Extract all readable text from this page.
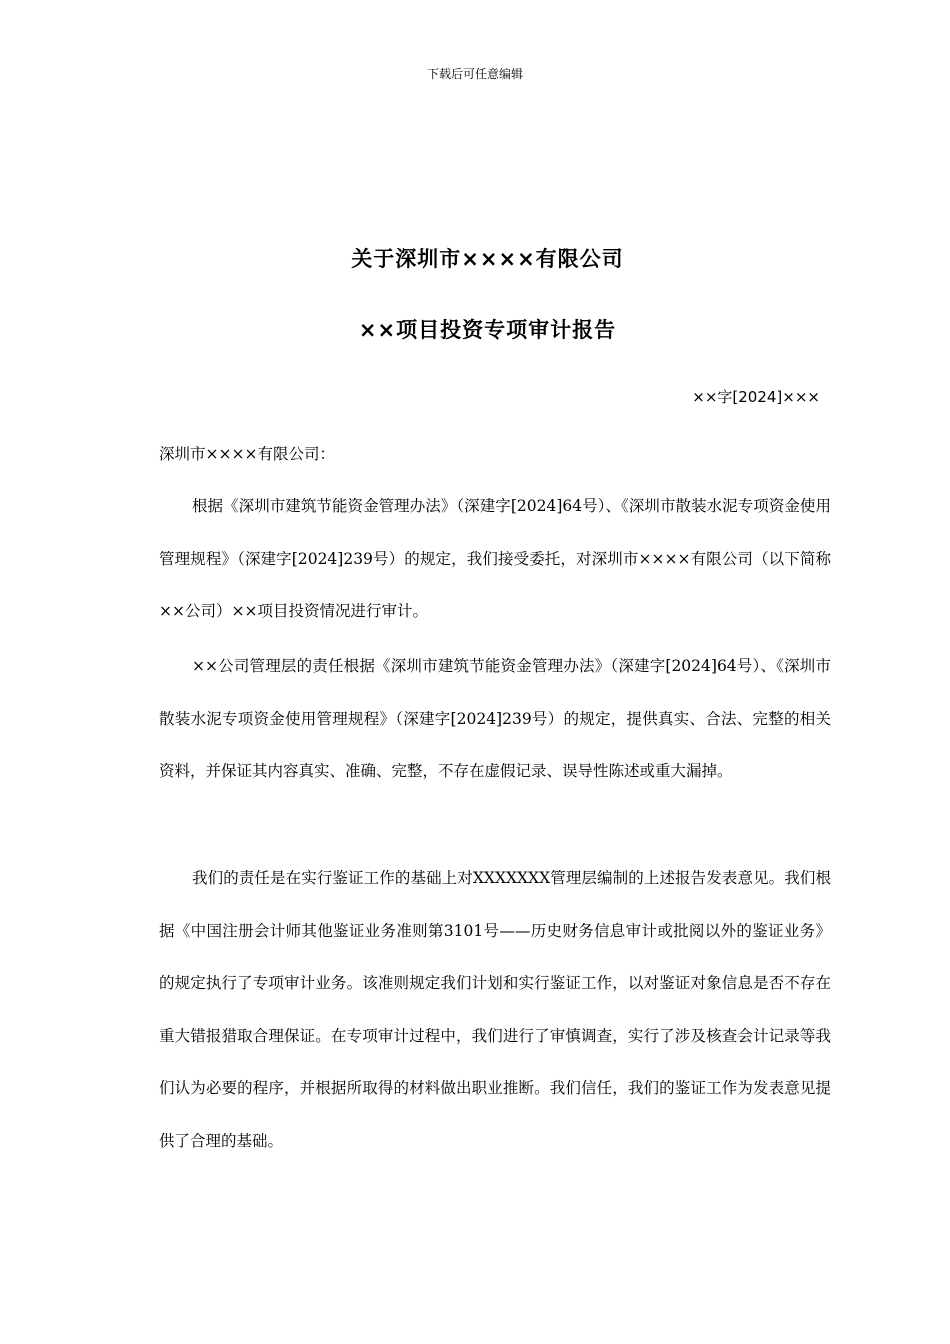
下载后可任意编辑
关于深圳市××××有限公司
××项目投资专项审计报告
××字[2024]×××
深圳市××××有限公司：
根据《深圳市建筑节能资金管理办法》（深建字[2024]64号）、《深圳市散装水泥专项资金使用管理规程》（深建字[2024]239号）的规定，我们接受委托，对深圳市××××有限公司（以下简称××公司）××项目投资情况进行审计。
××公司管理层的责任根据《深圳市建筑节能资金管理办法》（深建字[2024]64号）、《深圳市散装水泥专项资金使用管理规程》（深建字[2024]239号）的规定，提供真实、合法、完整的相关资料，并保证其内容真实、准确、完整，不存在虚假记录、误导性陈述或重大漏掉。
我们的责任是在实行鉴证工作的基础上对XXXXXXX管理层编制的上述报告发表意见。我们根据《中国注册会计师其他鉴证业务准则第3101号——历史财务信息审计或批阅以外的鉴证业务》的规定执行了专项审计业务。该准则规定我们计划和实行鉴证工作，以对鉴证对象信息是否不存在重大错报猎取合理保证。在专项审计过程中，我们进行了审慎调查，实行了涉及核查会计记录等我们认为必要的程序，并根据所取得的材料做出职业推断。我们信任，我们的鉴证工作为发表意见提供了合理的基础。
